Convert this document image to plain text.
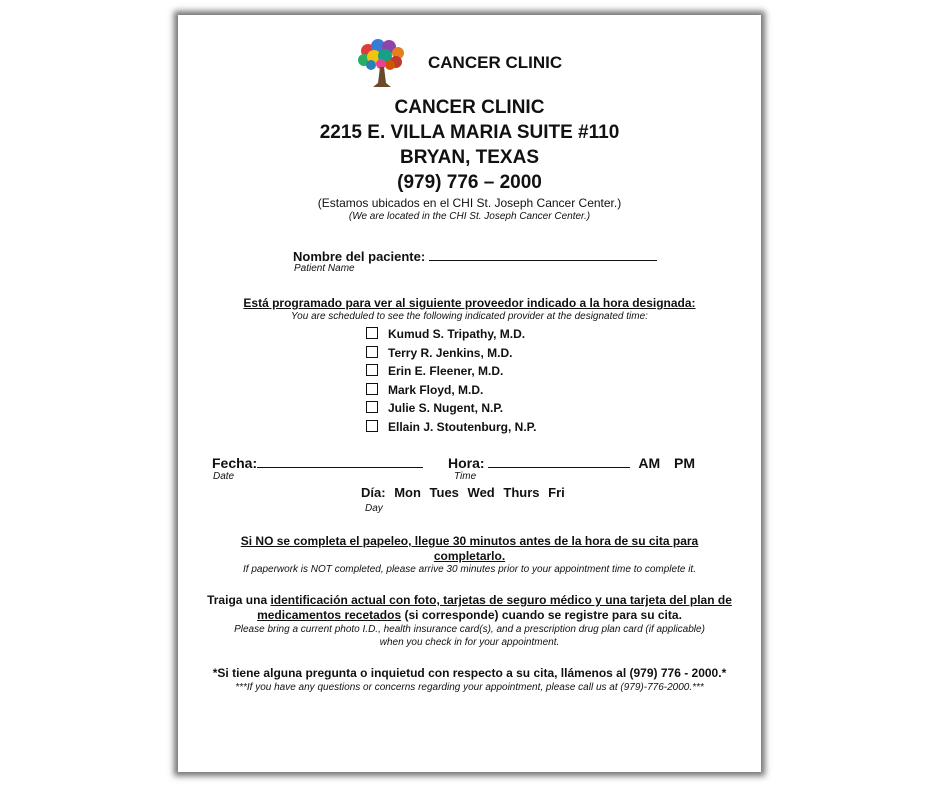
CANCER CLINIC
CANCER CLINIC
2215 E. VILLA MARIA SUITE #110
BRYAN, TEXAS
(979) 776 – 2000
(Estamos ubicados en el CHI St. Joseph Cancer Center.)
(We are located in the CHI St. Joseph Cancer Center.)
Nombre del paciente:
Patient Name
Está programado para ver al siguiente proveedor indicado a la hora designada:
You are scheduled to see the following indicated provider at the designated time:
Kumud S. Tripathy, M.D.
Terry R. Jenkins, M.D.
Erin E. Fleener, M.D.
Mark Floyd, M.D.
Julie S. Nugent, N.P.
Ellain J. Stoutenburg, N.P.
Fecha:
Date
Hora:	AM PM
Time
Día: Mon Tues Wed Thurs Fri
Day
Si NO se completa el papeleo, llegue 30 minutos antes de la hora de su cita para
completarlo.
If paperwork is NOT completed, please arrive 30 minutes prior to your appointment time to complete it.
Traiga una identificación actual con foto, tarjetas de seguro médico y una tarjeta del plan de
medicamentos recetados (si corresponde) cuando se registre para su cita.
Please bring a current photo I.D., health insurance card(s), and a prescription drug plan card (if applicable)
when you check in for your appointment.
*Si tiene alguna pregunta o inquietud con respecto a su cita, llámenos al (979) 776 - 2000.*
***If you have any questions or concerns regarding your appointment, please call us at (979)-776-2000.***
